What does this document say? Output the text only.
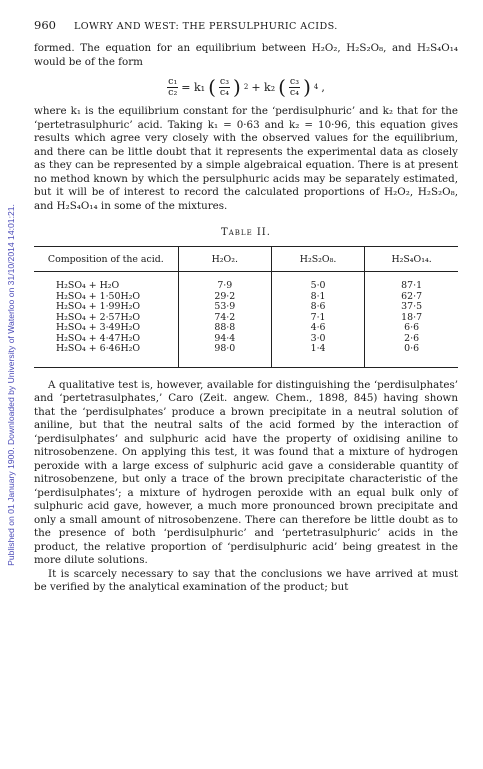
Published on 01 January 1900. Downloaded by University of Waterloo on 31/10/2014 14:01:21.
960 LOWRY AND WEST: THE PERSULPHURIC ACIDS.

formed. The equation for an equilibrium between H₂O₂, H₂S₂O₈, and H₂S₄O₁₄ would be of the form

$\frac{\text{c₁}}{\text{c₂}} = k_1$ ( $\frac{\text{c₃}}{\text{c₄}}$ ) 2 + k₂ ( $\frac{\text{c₃}}{\text{c₄}}$ ) 4 ,

where k₁ is the equilibrium constant for the ‘perdisulphuric’ and k₂ that for the ‘pertetrasulphuric’ acid. Taking k₁ = 0·63 and k₂ = 10·96, this equation gives results which agree very closely with the observed values for the equilibrium, and there can be little doubt that it represents the experimental data as closely as they can be represented by a simple algebraical equation. There is at present no method known by which the persulphuric acids may be separately estimated, but it will be of interest to record the calculated proportions of H₂O₂, H₂S₂O₈, and H₂S₄O₁₄ in some of the mixtures.

Table II.
Composition of the acid.	H₂O₂.	H₂S₂O₈.	H₂S₄O₁₄.
H₂SO₄ + H₂O	7·9	5·0	87·1
H₂SO₄ + 1·50H₂O	29·2	8·1	62·7
H₂SO₄ + 1·99H₂O	53·9	8·6	37·5
H₂SO₄ + 2·57H₂O	74·2	7·1	18·7
H₂SO₄ + 3·49H₂O	88·8	4·6	6·6
H₂SO₄ + 4·47H₂O	94·4	3·0	2·6
H₂SO₄ + 6·46H₂O	98·0	1·4	0·6

A qualitative test is, however, available for distinguishing the ‘perdisulphates’ and ‘pertetrasulphates,’ Caro (Zeit. angew. Chem., 1898, 845) having shown that the ‘perdisulphates’ produce a brown precipitate in a neutral solution of aniline, but that the neutral salts of the acid formed by the interaction of ‘perdisulphates’ and sulphuric acid have the property of oxidising aniline to nitrosobenzene. On applying this test, it was found that a mixture of hydrogen peroxide with a large excess of sulphuric acid gave a considerable quantity of nitrosobenzene, but only a trace of the brown precipitate characteristic of the ‘perdisulphates’; a mixture of hydrogen peroxide with an equal bulk only of sulphuric acid gave, however, a much more pronounced brown precipitate and only a small amount of nitrosobenzene. There can therefore be little doubt as to the presence of both ‘perdisulphuric’ and ‘pertetrasulphuric’ acids in the product, the relative proportion of ‘perdisulphuric acid’ being greatest in the more dilute solutions.

It is scarcely necessary to say that the conclusions we have arrived at must be verified by the analytical examination of the product; but
